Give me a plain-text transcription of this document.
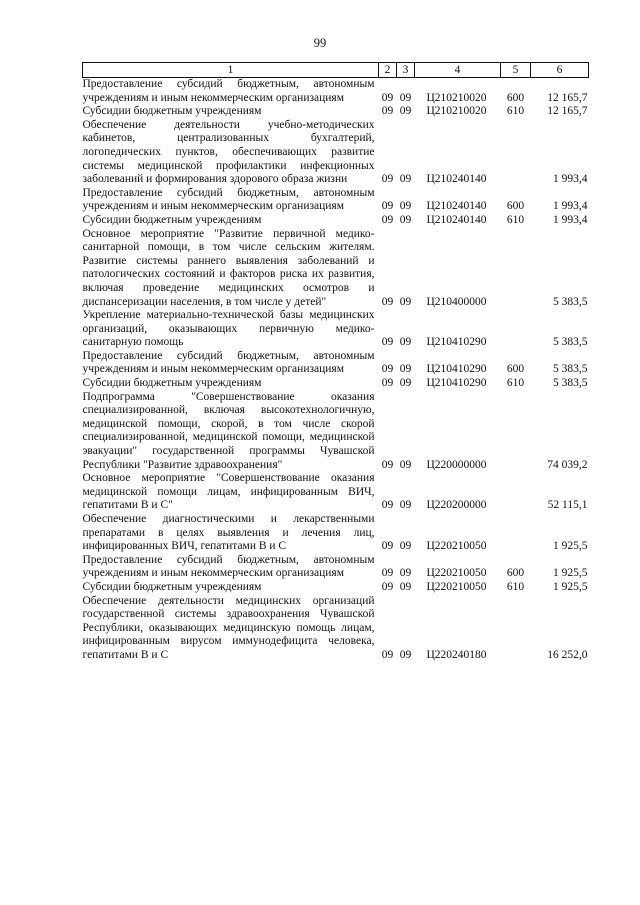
99
1	2	3	4	5	6
Предоставление субсидий бюджетным, автономным учреждениям и иным некоммерческим организациям	09	09	Ц210210020	600	12 165,7
Субсидии бюджетным учреждениям	09	09	Ц210210020	610	12 165,7
Обеспечение деятельности учебно-методических кабинетов, централизованных бухгалтерий, логопедических пунктов, обеспечивающих развитие системы медицинской профилактики инфекционных заболеваний и формирования здорового образа жизни	09	09	Ц210240140		1 993,4
Предоставление субсидий бюджетным, автономным учреждениям и иным некоммерческим организациям	09	09	Ц210240140	600	1 993,4
Субсидии бюджетным учреждениям	09	09	Ц210240140	610	1 993,4
Основное мероприятие "Развитие первичной медико-санитарной помощи, в том числе сельским жителям. Развитие системы раннего выявления заболеваний и патологических состояний и факторов риска их развития, включая проведение медицинских осмотров и диспансеризации населения, в том числе у детей"	09	09	Ц210400000		5 383,5
Укрепление материально-технической базы медицинских организаций, оказывающих первичную медико-санитарную помощь	09	09	Ц210410290		5 383,5
Предоставление субсидий бюджетным, автономным учреждениям и иным некоммерческим организациям	09	09	Ц210410290	600	5 383,5
Субсидии бюджетным учреждениям	09	09	Ц210410290	610	5 383,5
Подпрограмма "Совершенствование оказания специализированной, включая высокотехнологичную, медицинской помощи, скорой, в том числе скорой специализированной, медицинской помощи, медицинской эвакуации" государственной программы Чувашской Республики "Развитие здравоохранения"	09	09	Ц220000000		74 039,2
Основное мероприятие "Совершенствование оказания медицинской помощи лицам, инфицированным ВИЧ, гепатитами В и С"	09	09	Ц220200000		52 115,1
Обеспечение диагностическими и лекарственными препаратами в целях выявления и лечения лиц, инфицированных ВИЧ, гепатитами В и С	09	09	Ц220210050		1 925,5
Предоставление субсидий бюджетным, автономным учреждениям и иным некоммерческим организациям	09	09	Ц220210050	600	1 925,5
Субсидии бюджетным учреждениям	09	09	Ц220210050	610	1 925,5
Обеспечение деятельности медицинских организаций государственной системы здравоохранения Чувашской Республики, оказывающих медицинскую помощь лицам, инфицированным вирусом иммунодефицита человека, гепатитами В и С	09	09	Ц220240180		16 252,0
